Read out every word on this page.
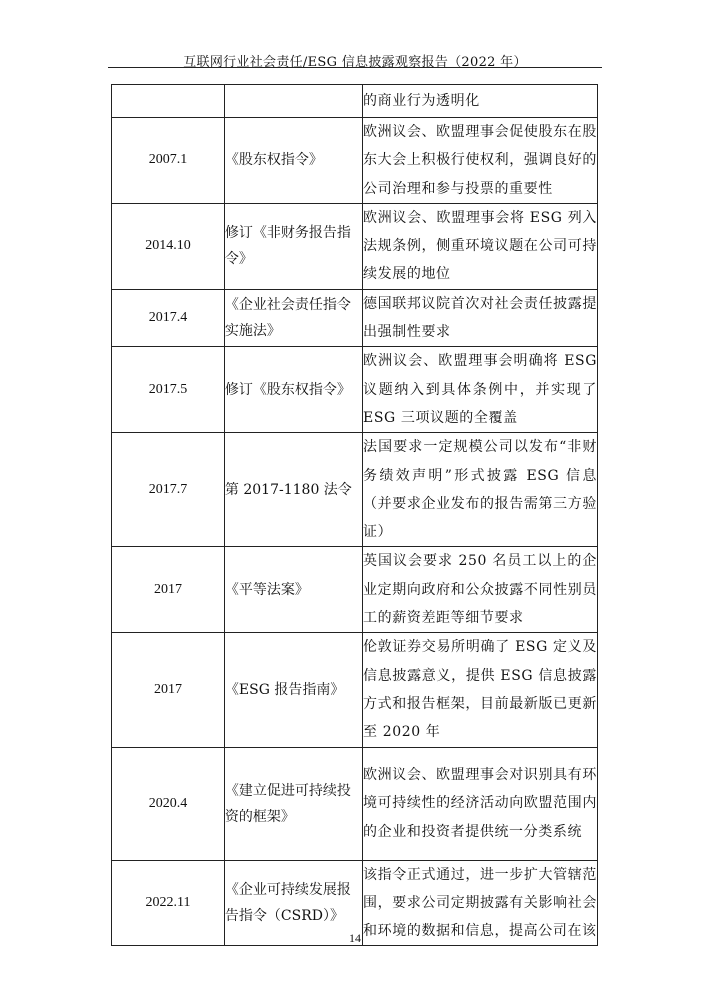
互联网行业社会责任/ESG 信息披露观察报告（2022 年）
		的商业行为透明化
2007.1	《股东权指令》	欧洲议会、欧盟理事会促使股东在股东大会上积极行使权利，强调良好的公司治理和参与投票的重要性
2014.10	修订《非财务报告指令》	欧洲议会、欧盟理事会将 ESG 列入法规条例，侧重环境议题在公司可持续发展的地位
2017.4	《企业社会责任指令实施法》	德国联邦议院首次对社会责任披露提出强制性要求
2017.5	修订《股东权指令》	欧洲议会、欧盟理事会明确将 ESG 议题纳入到具体条例中，并实现了 ESG 三项议题的全覆盖
2017.7	第 2017-1180 法令	法国要求一定规模公司以发布“非财务绩效声明”形式披露 ESG 信息（并要求企业发布的报告需第三方验证）
2017	《平等法案》	英国议会要求 250 名员工以上的企业定期向政府和公众披露不同性别员工的薪资差距等细节要求
2017	《ESG 报告指南》	伦敦证券交易所明确了 ESG 定义及信息披露意义，提供 ESG 信息披露方式和报告框架，目前最新版已更新至 2020 年
2020.4	《建立促进可持续投资的框架》	欧洲议会、欧盟理事会对识别具有环境可持续性的经济活动向欧盟范围内的企业和投资者提供统一分类系统
2022.11	《企业可持续发展报告指令（CSRD）》	该指令正式通过，进一步扩大管辖范围，要求公司定期披露有关影响社会和环境的数据和信息，提高公司在该
14
